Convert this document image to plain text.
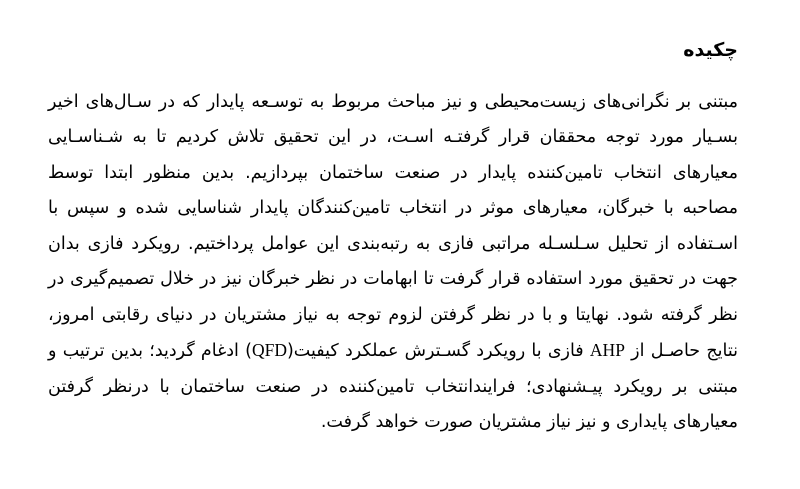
چکیده

مبتنی بر نگرانی‌های زیست‌محیطی و نیز مباحث مربوط به توسـعه پایدار که در سـال‌های اخیر بسـیار مورد توجه محققان قرار گرفتـه اسـت، در این تحقیق تلاش کردیم تا به شـناسـایی معیارهای انتخاب تامین‌کننده پایدار در صنعت ساختمان بپردازیم. بدین منظور ابتدا توسط مصاحبه با خبرگان، معیارهای موثر در انتخاب تامین‌کنندگان پایدار شناسایی شده و سپس با اسـتفاده از تحلیل سـلسـله مراتبی فازی به رتبه‌بندی این عوامل پرداختیم. رویکرد فازی بدان جهت در تحقیق مورد استفاده قرار گرفت تا ابهامات در نظر خبرگان نیز در خلال تصمیم‌گیری در نظر گرفته شود. نهایتا و با در نظر گرفتن لزوم توجه به نیاز مشتریان در دنیای رقابتی امروز، نتایج حاصـل از AHP فازی با رویکرد گسـترش عملکرد کیفیت(QFD) ادغام گردید؛ بدین ترتیب و مبتنی بر رویکرد پیـشنهادی؛ فرایندانتخاب تامین‌کننده در صنعت ساختمان با درنظر گرفتن معیارهای پایداری و نیز نیاز مشتریان صورت خواهد گرفت.
